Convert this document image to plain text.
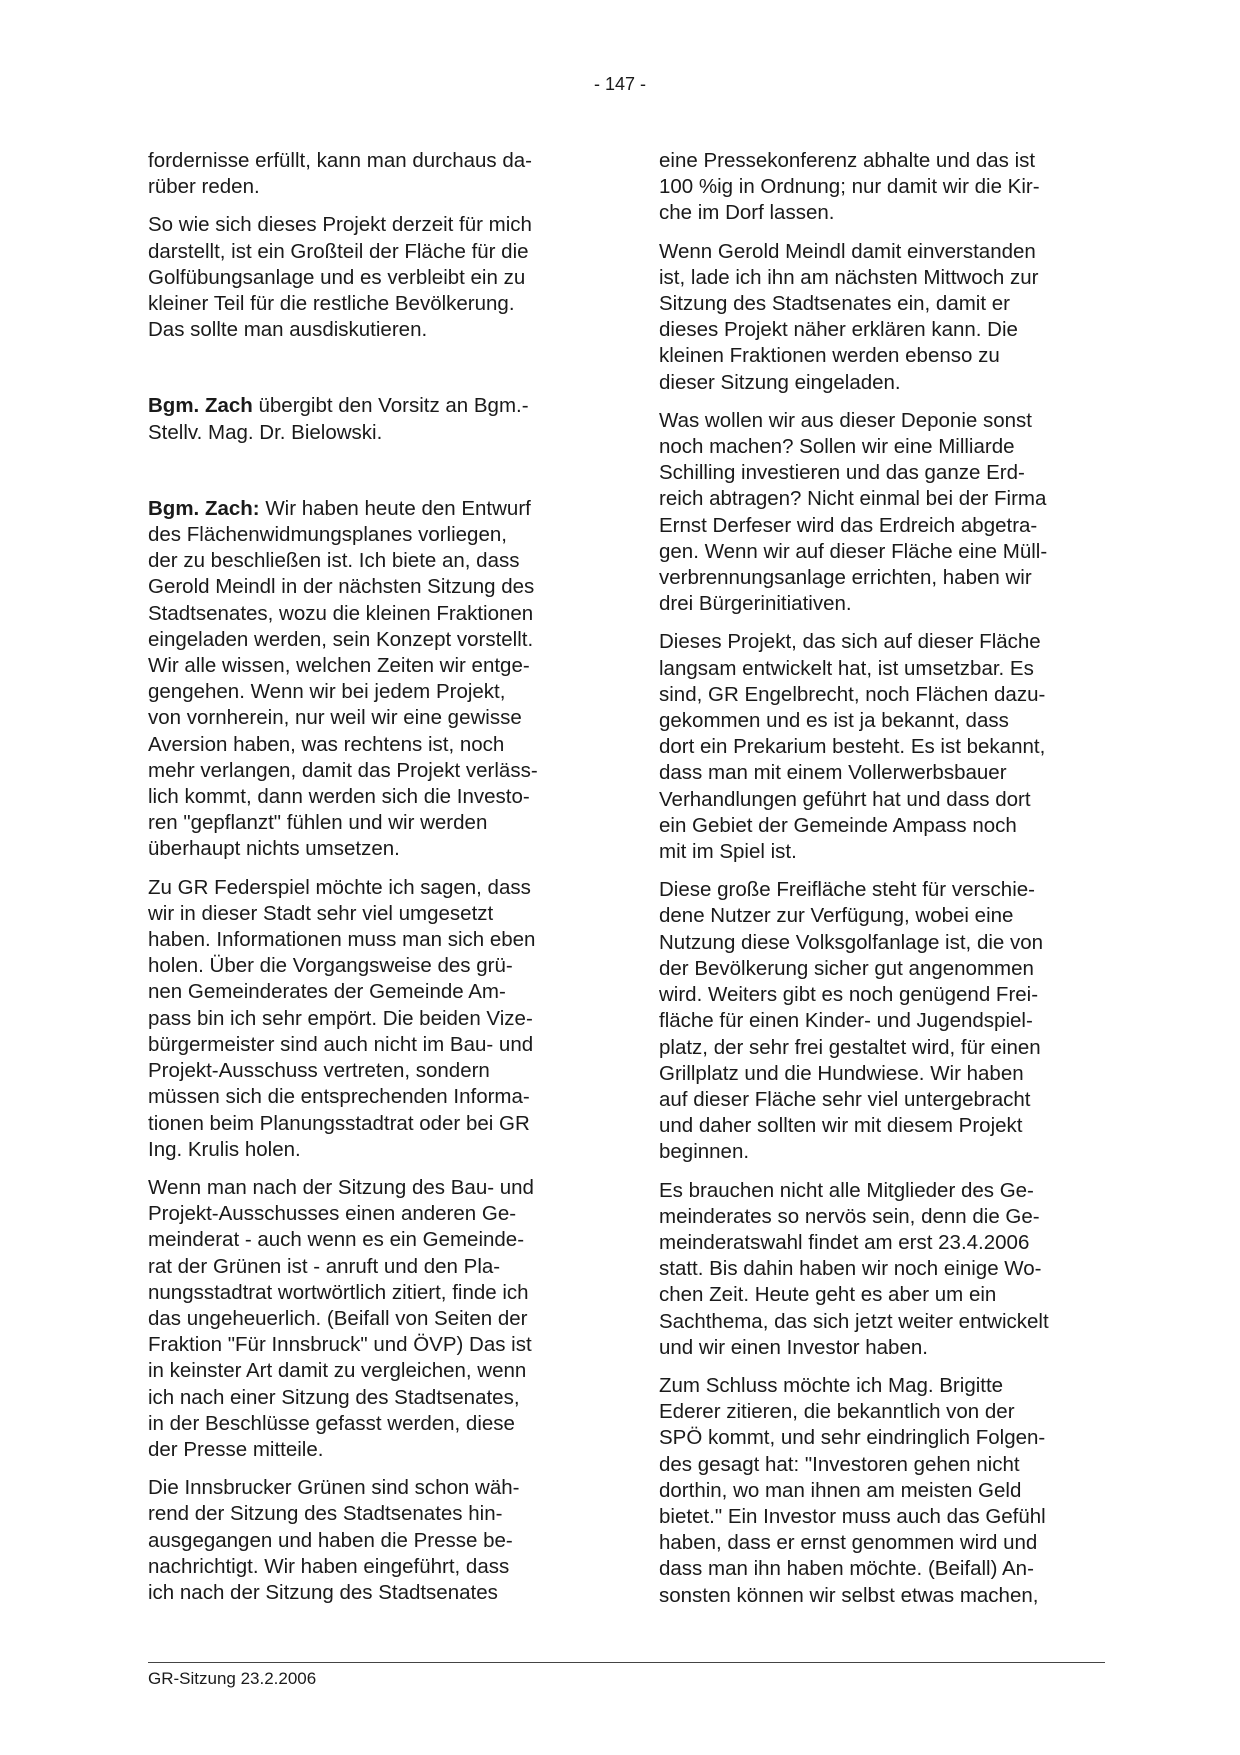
- 147 -

fordernisse erfüllt, kann man durchaus da-
rüber reden.

So wie sich dieses Projekt derzeit für mich
darstellt, ist ein Großteil der Fläche für die
Golfübungsanlage und es verbleibt ein zu
kleiner Teil für die restliche Bevölkerung.
Das sollte man ausdiskutieren.

Bgm. Zach übergibt den Vorsitz an Bgm.-
Stellv. Mag. Dr. Bielowski.

Bgm. Zach: Wir haben heute den Entwurf
des Flächenwidmungsplanes vorliegen,
der zu beschließen ist. Ich biete an, dass
Gerold Meindl in der nächsten Sitzung des
Stadtsenates, wozu die kleinen Fraktionen
eingeladen werden, sein Konzept vorstellt.
Wir alle wissen, welchen Zeiten wir entge-
gengehen. Wenn wir bei jedem Projekt,
von vornherein, nur weil wir eine gewisse
Aversion haben, was rechtens ist, noch
mehr verlangen, damit das Projekt verläss-
lich kommt, dann werden sich die Investo-
ren "gepflanzt" fühlen und wir werden
überhaupt nichts umsetzen.

Zu GR Federspiel möchte ich sagen, dass
wir in dieser Stadt sehr viel umgesetzt
haben. Informationen muss man sich eben
holen. Über die Vorgangsweise des grü-
nen Gemeinderates der Gemeinde Am-
pass bin ich sehr empört. Die beiden Vize-
bürgermeister sind auch nicht im Bau- und
Projekt-Ausschuss vertreten, sondern
müssen sich die entsprechenden Informa-
tionen beim Planungsstadtrat oder bei GR
Ing. Krulis holen.

Wenn man nach der Sitzung des Bau- und
Projekt-Ausschusses einen anderen Ge-
meinderat - auch wenn es ein Gemeinde-
rat der Grünen ist - anruft und den Pla-
nungsstadtrat wortwörtlich zitiert, finde ich
das ungeheuerlich. (Beifall von Seiten der
Fraktion "Für Innsbruck" und ÖVP) Das ist
in keinster Art damit zu vergleichen, wenn
ich nach einer Sitzung des Stadtsenates,
in der Beschlüsse gefasst werden, diese
der Presse mitteile.

Die Innsbrucker Grünen sind schon wäh-
rend der Sitzung des Stadtsenates hin-
ausgegangen und haben die Presse be-
nachrichtigt. Wir haben eingeführt, dass
ich nach der Sitzung des Stadtsenates

eine Pressekonferenz abhalte und das ist
100 %ig in Ordnung; nur damit wir die Kir-
che im Dorf lassen.

Wenn Gerold Meindl damit einverstanden
ist, lade ich ihn am nächsten Mittwoch zur
Sitzung des Stadtsenates ein, damit er
dieses Projekt näher erklären kann. Die
kleinen Fraktionen werden ebenso zu
dieser Sitzung eingeladen.

Was wollen wir aus dieser Deponie sonst
noch machen? Sollen wir eine Milliarde
Schilling investieren und das ganze Erd-
reich abtragen? Nicht einmal bei der Firma
Ernst Derfeser wird das Erdreich abgetra-
gen. Wenn wir auf dieser Fläche eine Müll-
verbrennungsanlage errichten, haben wir
drei Bürgerinitiativen.

Dieses Projekt, das sich auf dieser Fläche
langsam entwickelt hat, ist umsetzbar. Es
sind, GR Engelbrecht, noch Flächen dazu-
gekommen und es ist ja bekannt, dass
dort ein Prekarium besteht. Es ist bekannt,
dass man mit einem Vollerwerbsbauer
Verhandlungen geführt hat und dass dort
ein Gebiet der Gemeinde Ampass noch
mit im Spiel ist.

Diese große Freifläche steht für verschie-
dene Nutzer zur Verfügung, wobei eine
Nutzung diese Volksgolfanlage ist, die von
der Bevölkerung sicher gut angenommen
wird. Weiters gibt es noch genügend Frei-
fläche für einen Kinder- und Jugendspiel-
platz, der sehr frei gestaltet wird, für einen
Grillplatz und die Hundwiese. Wir haben
auf dieser Fläche sehr viel untergebracht
und daher sollten wir mit diesem Projekt
beginnen.

Es brauchen nicht alle Mitglieder des Ge-
meinderates so nervös sein, denn die Ge-
meinderatswahl findet am erst 23.4.2006
statt. Bis dahin haben wir noch einige Wo-
chen Zeit. Heute geht es aber um ein
Sachthema, das sich jetzt weiter entwickelt
und wir einen Investor haben.

Zum Schluss möchte ich Mag. Brigitte
Ederer zitieren, die bekanntlich von der
SPÖ kommt, und sehr eindringlich Folgen-
des gesagt hat: "Investoren gehen nicht
dorthin, wo man ihnen am meisten Geld
bietet." Ein Investor muss auch das Gefühl
haben, dass er ernst genommen wird und
dass man ihn haben möchte. (Beifall) An-
sonsten können wir selbst etwas machen,

GR-Sitzung 23.2.2006
